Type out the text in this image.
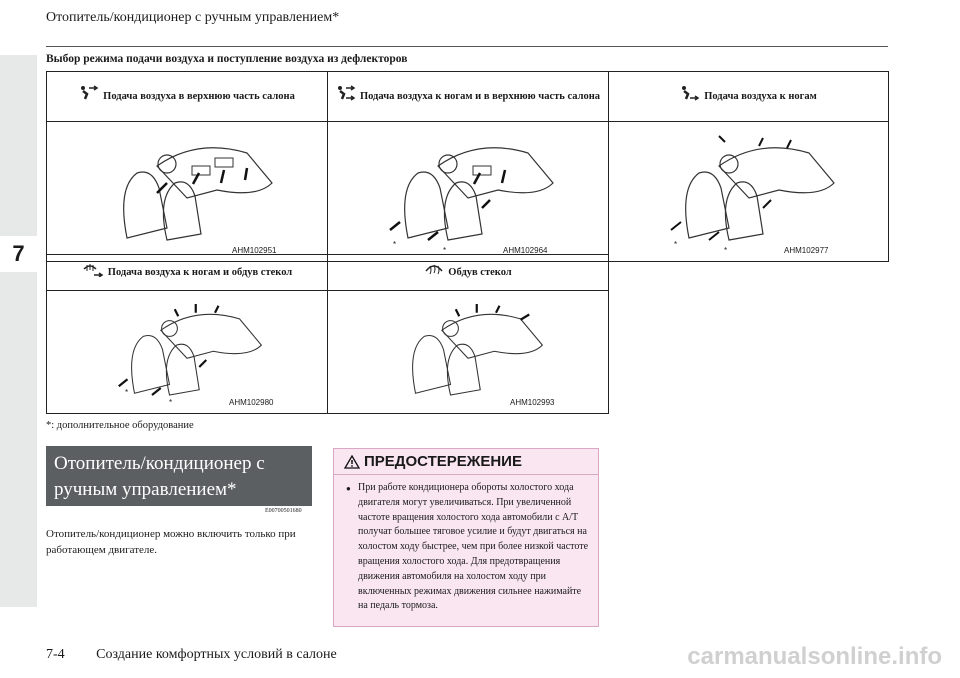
7
Отопитель/кондиционер с ручным управлением*
Выбор режима подачи воздуха и поступление воздуха из дефлекторов
Подача воздуха в верхнюю часть салона	Подача воздуха к ногам и в верхнюю часть салона	Подача воздуха к ногам

AHM102951	*
* AHM102964	*
* AHM102977
Подача воздуха к ногам и обдув стекол	Обдув стекол

*
* AHM102980	AHM102993
*: дополнительное оборудование
Отопитель/кондиционер с ручным управлением*
E00700501680
Отопитель/кондиционер можно включить только при работающем двигателе.
ПРЕДОСТЕРЕЖЕНИЕ
● При работе кондиционера обороты холостого хода двигателя могут увеличиваться. При увеличенной частоте вращения холостого хода автомобили с A/T получат большее тяговое усилие и будут двигаться на холостом ходу быстрее, чем при более низкой частоте вращения холостого хода. Для предотвращения движения автомобиля на холостом ходу при включенных режимах движения сильнее нажимайте на педаль тормоза.
7-4 Создание комфортных условий в салоне	carmanualsonline.info
